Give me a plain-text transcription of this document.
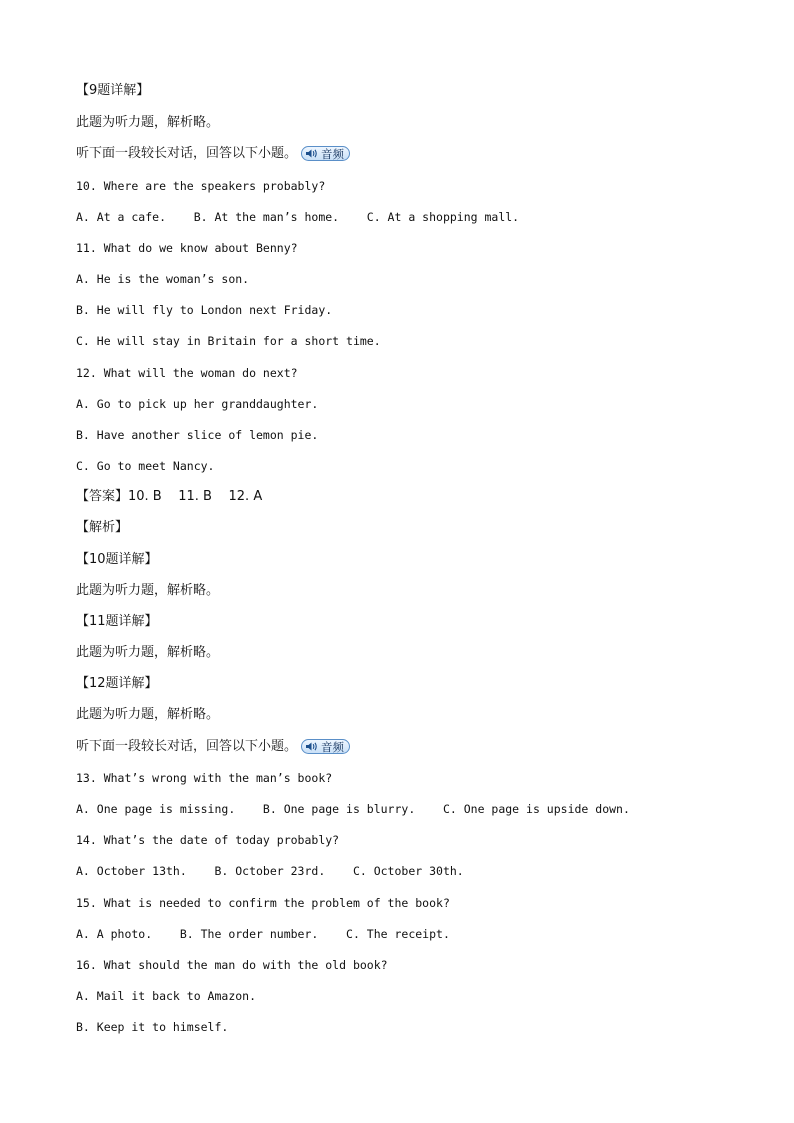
【9题详解】

此题为听力题，解析略。

听下面一段较长对话，回答以下小题。 音频

10. Where are the speakers probably?

A. At a cafe.    B. At the man’s home.    C. At a shopping mall.

11. What do we know about Benny?

A. He is the woman’s son.

B. He will fly to London next Friday.

C. He will stay in Britain for a short time.

12. What will the woman do next?

A. Go to pick up her granddaughter.

B. Have another slice of lemon pie.

C. Go to meet Nancy.

【答案】10. B    11. B    12. A

【解析】

【10题详解】

此题为听力题，解析略。

【11题详解】

此题为听力题，解析略。

【12题详解】

此题为听力题，解析略。

听下面一段较长对话，回答以下小题。 音频

13. What’s wrong with the man’s book?

A. One page is missing.    B. One page is blurry.    C. One page is upside down.

14. What’s the date of today probably?

A. October 13th.    B. October 23rd.    C. October 30th.

15. What is needed to confirm the problem of the book?

A. A photo.    B. The order number.    C. The receipt.

16. What should the man do with the old book?

A. Mail it back to Amazon.

B. Keep it to himself.
